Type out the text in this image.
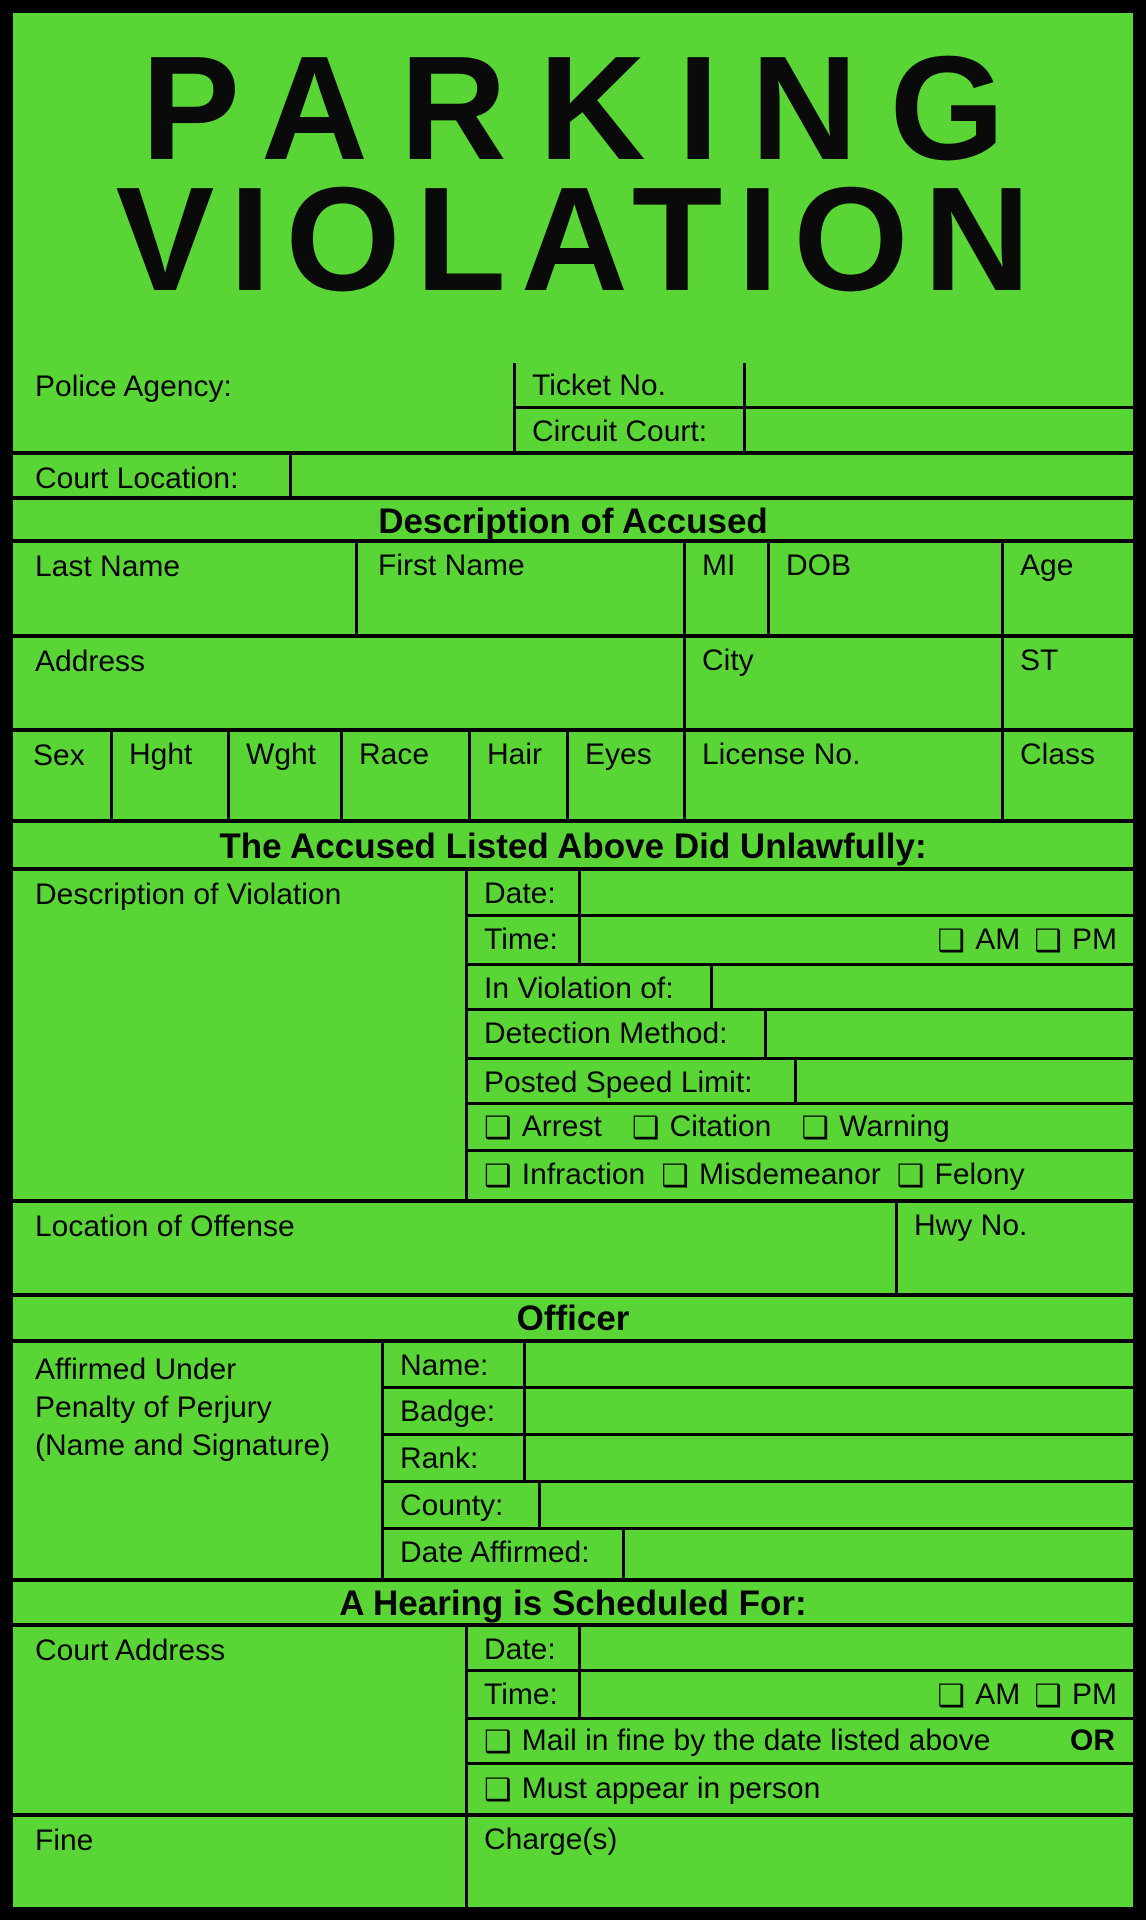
PARKING
VIOLATION
Police Agency:	Ticket No.
Circuit Court:
Court Location:
Description of Accused
Last Name	First Name	MI	DOB	Age
Address	City	ST
Sex	Hght	Wght	Race	Hair	Eyes	License No.	Class
The Accused Listed Above Did Unlawfully:
Description of Violation	Date:
Time:	❑ AM ❑ PM
In Violation of:
Detection Method:
Posted Speed Limit:
❑ Arrest ❑ Citation ❑ Warning
❑ Infraction ❑ Misdemeanor ❑ Felony
Location of Offense	Hwy No.
Officer
Affirmed Under
Penalty of Perjury
(Name and Signature)
Name:
Badge:
Rank:
County:
Date Affirmed:
A Hearing is Scheduled For:
Court Address	Date:
Time:	❑ AM ❑ PM
❑ Mail in fine by the date listed above	OR
❑ Must appear in person
Fine	Charge(s)
